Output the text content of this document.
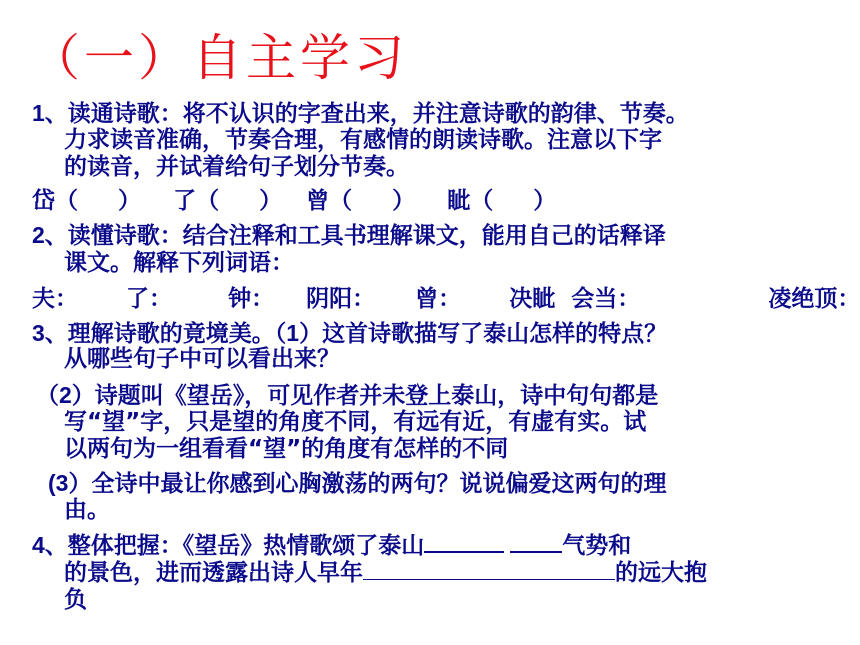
（一）自主学习
1、读通诗歌：将不认识的字查出来，并注意诗歌的韵律、节奏。
力求读音准确，节奏合理，有感情的朗读诗歌。注意以下字
的读音，并试着给句子划分节奏。
岱（     ）    了（     ）   曾（     ）    眦（     ）
2、读懂诗歌：结合注释和工具书理解课文，能用自己的话释译
课文。解释下列词语：
夫：      了：       钟：    阴阳：     曾：      决眦  会当：                凌绝顶：
3、理解诗歌的竟境美。（1）这首诗歌描写了泰山怎样的特点？
从哪些句子中可以看出来？
（2）诗题叫《望岳》，可见作者并未登上泰山，诗中句句都是
写“望”字，只是望的角度不同，有远有近，有虚有实。试
以两句为一组看看“望”的角度有怎样的不同
(3）全诗中最让你感到心胸激荡的两句？说说偏爱这两句的理
由。
4、整体把握：《望岳》热情歌颂了泰山	气势和
的景色，进而透露出诗人早年	的远大抱
负
